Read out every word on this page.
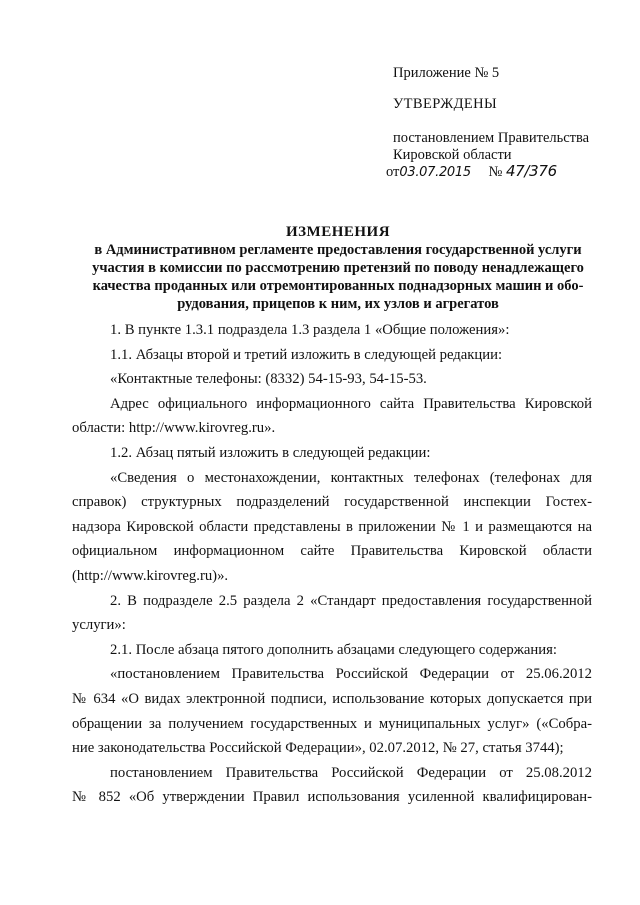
Приложение № 5
УТВЕРЖДЕНЫ
постановлением Правительства
Кировской области
от03.07.2015 № 47/376
ИЗМЕНЕНИЯ
в Административном регламенте предоставления государственной услуги
участия в комиссии по рассмотрению претензий по поводу ненадлежащего
качества проданных или отремонтированных поднадзорных машин и обо-
рудования, прицепов к ним, их узлов и агрегатов

1. В пункте 1.3.1 подраздела 1.3 раздела 1 «Общие положения»:

1.1. Абзацы второй и третий изложить в следующей редакции:

«Контактные телефоны: (8332) 54-15-93, 54-15-53.

Адрес официального информационного сайта Правительства Кировской
области: http://www.kirovreg.ru».

1.2. Абзац пятый изложить в следующей редакции:

«Сведения о местонахождении, контактных телефонах (телефонах для
справок) структурных подразделений государственной инспекции Гостех-
надзора Кировской области представлены в приложении № 1 и размещаются на
официальном информационном сайте Правительства Кировской области
(http://www.kirovreg.ru)».

2. В подразделе 2.5 раздела 2 «Стандарт предоставления государственной
услуги»:

2.1. После абзаца пятого дополнить абзацами следующего содержания:

«постановлением Правительства Российской Федерации от 25.06.2012
№ 634 «О видах электронной подписи, использование которых допускается при
обращении за получением государственных и муниципальных услуг» («Собра-
ние законодательства Российской Федерации», 02.07.2012, № 27, статья 3744);

постановлением Правительства Российской Федерации от 25.08.2012
№ 852 «Об утверждении Правил использования усиленной квалифицирован-
